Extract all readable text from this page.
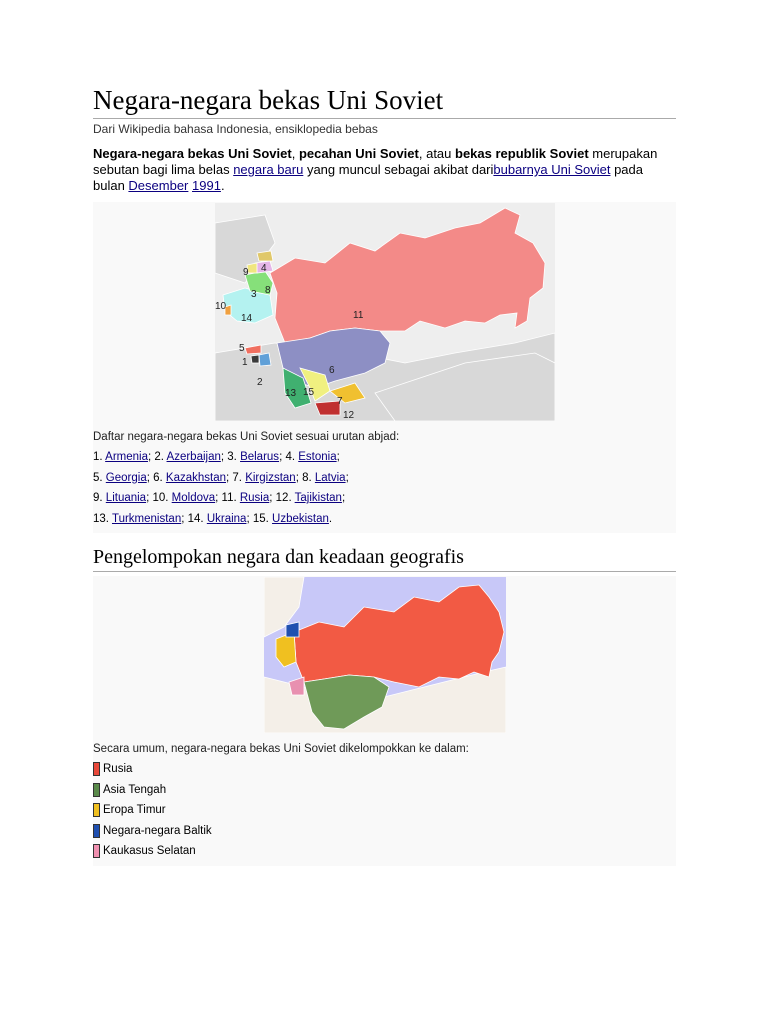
Negara-negara bekas Uni Soviet
Dari Wikipedia bahasa Indonesia, ensiklopedia bebas

Negara-negara bekas Uni Soviet, pecahan Uni Soviet, atau bekas republik Soviet merupakan sebutan bagi lima belas negara baru yang muncul sebagai akibat daribubarnya Uni Soviet pada bulan Desember 1991.

1
2
3
4
5
6
7
8
9
10
11
12
13
14
15
Daftar negara-negara bekas Uni Soviet sesuai urutan abjad:
1. Armenia; 2. Azerbaijan; 3. Belarus; 4. Estonia;
5. Georgia; 6. Kazakhstan; 7. Kirgizstan; 8. Latvia;
9. Lituania; 10. Moldova; 11. Rusia; 12. Tajikistan;
13. Turkmenistan; 14. Ukraina; 15. Uzbekistan.
Pengelompokan negara dan keadaan geografis
Secara umum, negara-negara bekas Uni Soviet dikelompokkan ke dalam:
Rusia
Asia Tengah
Eropa Timur
Negara-negara Baltik
Kaukasus Selatan
